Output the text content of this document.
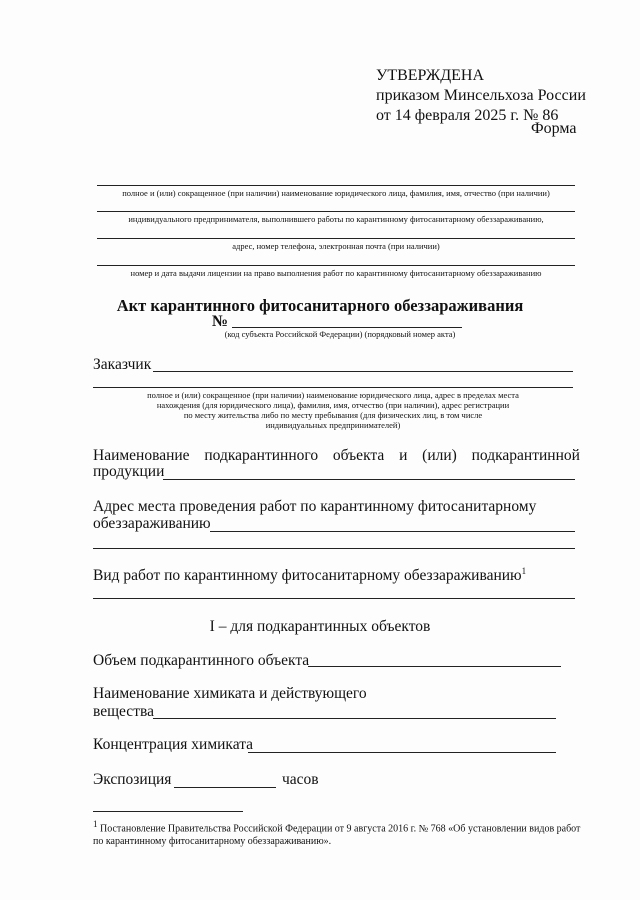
УТВЕРЖДЕНА
приказом Минсельхоза России
от 14 февраля 2025 г. № 86
Форма
полное и (или) сокращенное (при наличии) наименование юридического лица, фамилия, имя, отчество (при наличии)
индивидуального предпринимателя, выполнившего работы по карантинному фитосанитарному обеззараживанию,
адрес, номер телефона, электронная почта (при наличии)
номер и дата выдачи лицензии на право выполнения работ по карантинному фитосанитарному обеззараживанию
Акт карантинного фитосанитарного обеззараживания
№
(код субъекта Российской Федерации) (порядковый номер акта)
Заказчик
полное и (или) сокращенное (при наличии) наименование юридического лица, адрес в пределах места
нахождения (для юридического лица), фамилия, имя, отчество (при наличии), адрес регистрации
по месту жительства либо по месту пребывания (для физических лиц, в том числе
индивидуальных предпринимателей)
Наименование подкарантинного объекта и (или) подкарантинной
продукции
Адрес места проведения работ по карантинному фитосанитарному
обеззараживанию
Вид работ по карантинному фитосанитарному обеззараживанию$^1$
I – для подкарантинных объектов
Объем подкарантинного объекта
Наименование химиката и действующего
вещества
Концентрация химиката
Экспозиция	часов
$^1$ Постановление Правительства Российской Федерации от 9 августа 2016 г. № 768 «Об установлении видов работ по карантинному фитосанитарному обеззараживанию».
